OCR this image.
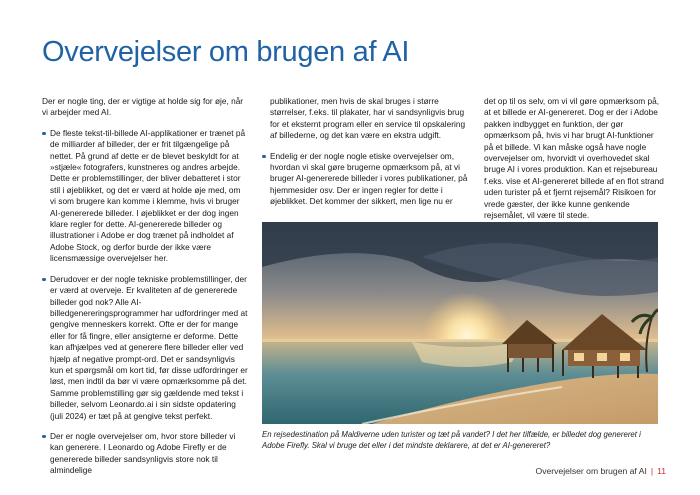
Overvejelser om brugen af AI

Der er nogle ting, der er vigtige at holde sig for øje, når vi arbejder med AI.

De fleste tekst-til-billede AI-applikationer er trænet på de milliarder af billeder, der er frit tilgængelige på nettet. På grund af dette er de blevet beskyldt for at »stjæle« fotografers, kunstneres og andres arbejde. Dette er problemstillinger, der bliver debatteret i stor stil i øjeblikket, og det er værd at holde øje med, om vi som brugere kan komme i klemme, hvis vi bruger AI-genererede billeder. I øjeblikket er der dog ingen klare regler for dette. AI-genererede billeder og illustrationer i Adobe er dog trænet på indholdet af Adobe Stock, og derfor burde der ikke være licensmæssige overvejelser her.
Derudover er der nogle tekniske problemstillinger, der er værd at overveje. Er kvaliteten af de genererede billeder god nok? Alle AI-billedgenereringsprogrammer har udfordringer med at gengive menneskers korrekt. Ofte er der for mange eller for få fingre, eller ansigterne er deforme. Dette kan afhjælpes ved at generere flere billeder eller ved hjælp af negative prompt-ord. Det er sandsynligvis kun et spørgsmål om kort tid, før disse udfordringer er løst, men indtil da bør vi være opmærksomme på det. Samme problemstilling gør sig gældende med tekst i billeder, selvom Leonardo.ai i sin sidste opdatering (juli 2024) er tæt på at gengive tekst perfekt.
Der er nogle overvejelser om, hvor store billeder vi kan generere. I Leonardo og Adobe Firefly er de genererede billeder sandsynligvis store nok til almindelige

publikationer, men hvis de skal bruges i større størrelser, f.eks. til plakater, har vi sandsynligvis brug for et eksternt program eller en service til opskalering af billederne, og det kan være en ekstra udgift.

Endelig er der nogle nogle etiske overvejelser om, hvordan vi skal gøre brugerne opmærksom på, at vi bruger AI-genererede billeder i vores publikationer, på hjemmesider osv. Der er ingen regler for dette i øjeblikket. Det kommer der sikkert, men lige nu er

det op til os selv, om vi vil gøre opmærksom på, at et billede er AI-genereret. Dog er der i Adobe pakken indbygget en funktion, der gør opmærksom på, hvis vi har brugt AI-funktioner på et billede. Vi kan måske også have nogle overvejelser om, hvorvidt vi overhovedet skal bruge AI i vores produktion. Kan et rejsebureau f.eks. vise et AI-genereret billede af en flot strand uden turister på et fjernt rejsemål? Risikoen for vrede gæster, der ikke kunne genkende rejsemålet, vil være til stede.

En rejsedestination på Maldiverne uden turister og tæt på vandet? I det her tilfælde, er billedet dog genereret i Adobe Firefly. Skal vi bruge det eller i det mindste deklarere, at det er AI-genereret?
Overvejelser om brugen af AI | 11
